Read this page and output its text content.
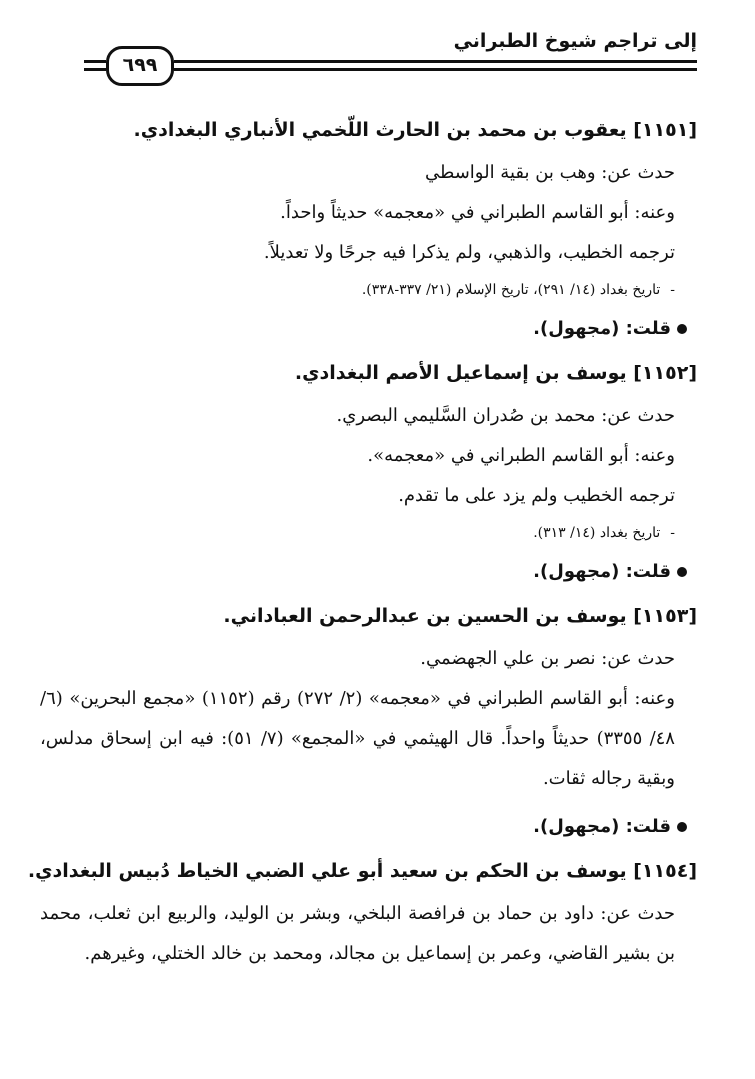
إلى تراجم شيوخ الطبراني
٦٩٩
[١١٥١] يعقوب بن محمد بن الحارث اللّخمي الأنباري البغدادي.
حدث عن: وهب بن بقية الواسطي
وعنه: أبو القاسم الطبراني في «معجمه» حديثاً واحداً.
ترجمه الخطيب، والذهبي، ولم يذكرا فيه جرحًا ولا تعديلاً.
-تاريخ بغداد (١٤/ ٢٩١)، تاريخ الإسلام (٢١/ ٣٣٧-٣٣٨).
قلت: (مجهول).
[١١٥٢] يوسف بن إسماعيل الأصم البغدادي.
حدث عن: محمد بن صُدران السَّليمي البصري.
وعنه: أبو القاسم الطبراني في «معجمه».
ترجمه الخطيب ولم يزد على ما تقدم.
-تاريخ بغداد (١٤/ ٣١٣).
قلت: (مجهول).
[١١٥٣] يوسف بن الحسين بن عبدالرحمن العباداني.
حدث عن: نصر بن علي الجهضمي.
وعنه: أبو القاسم الطبراني في «معجمه» (٢/ ٢٧٢) رقم (١١٥٢) «مجمع البحرين» (٦/ ٤٨/ ٣٣٥٥) حديثاً واحداً. قال الهيثمي في «المجمع» (٧/ ٥١): فيه ابن إسحاق مدلس، وبقية رجاله ثقات.
قلت: (مجهول).
[١١٥٤] يوسف بن الحكم بن سعيد أبو علي الضبي الخياط دُبيس البغدادي.
حدث عن: داود بن حماد بن فرافصة البلخي، وبشر بن الوليد، والربيع ابن ثعلب، محمد بن بشير القاضي، وعمر بن إسماعيل بن مجالد، ومحمد بن خالد الختلي، وغيرهم.
